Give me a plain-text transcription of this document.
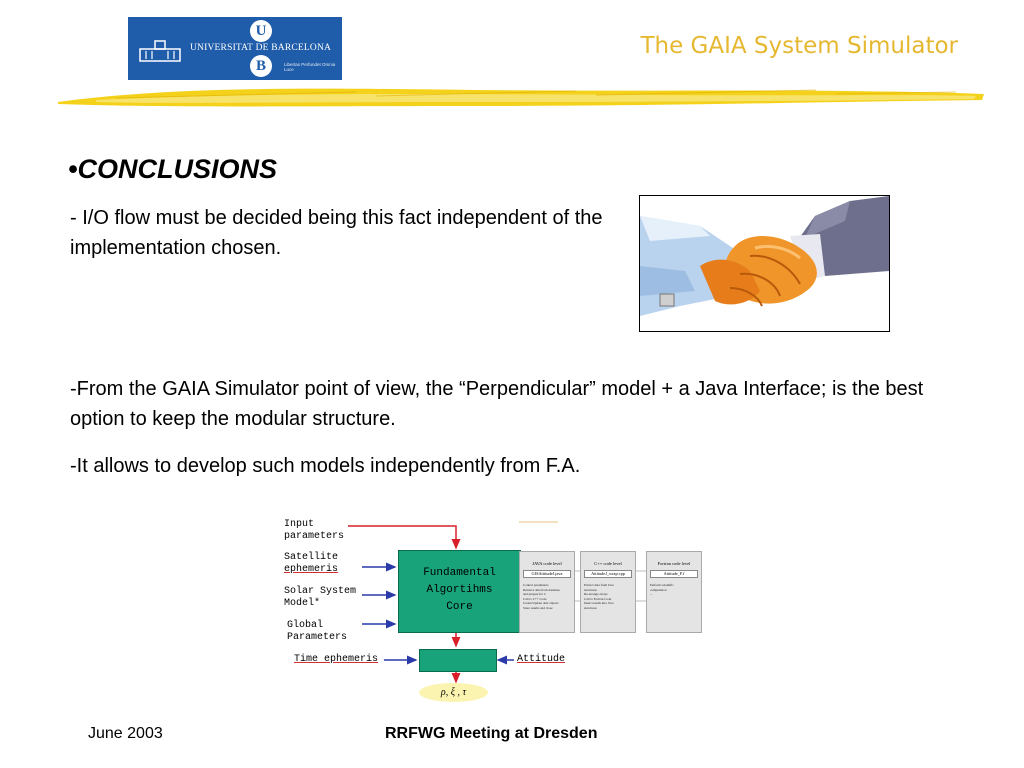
U
B
UNIVERSITAT DE BARCELONA
Libertas Perfundet Omnia Luce
The GAIA System Simulator
•CONCLUSIONS
- I/O flow must be decided being this fact independent of the implementation chosen.
-From the GAIA Simulator point of view, the “Perpendicular” model + a Java Interface; is the best option to keep the modular structure.
-It allows to develop such models independently from F.A.
Input
parameters
Satellite
ephemeris
Solar System
Model*
Global
Parameters
Time ephemeris	Attitude
Fundamental
Algortihms
Core
ρ, ξ , τ
JAVA code level
GISAttitudeJ.java
Control parameters
Retrieve data from database
and prepare for C
Call to C++ Code
Create/Update data objects
Store results and close
C++ code level
AttitudeJ_wrap.cpp
Extract data from Java
structures
Re-arrange arrays
Call to Fortran Code
Insert results into Java
structures
Fortran code level
Attitude_F.f
Perform scientific
computation
...
June 2003	RRFWG Meeting at Dresden
